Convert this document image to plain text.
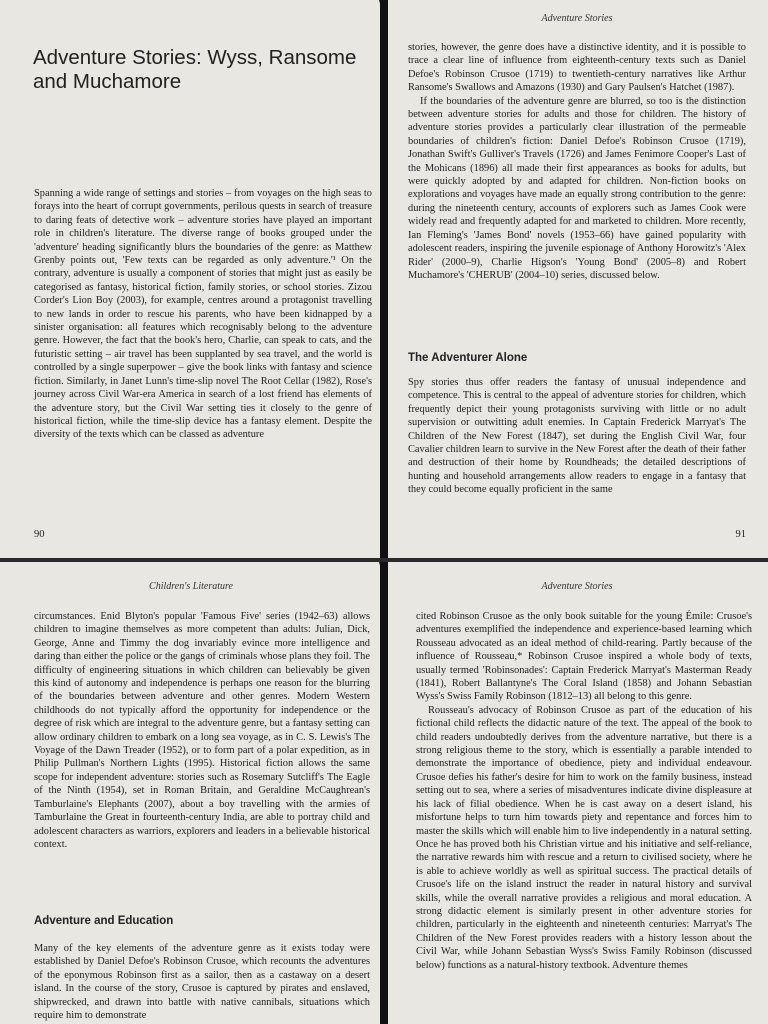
Adventure Stories: Wyss, Ransome and Muchamore

Spanning a wide range of settings and stories – from voyages on the high seas to forays into the heart of corrupt governments, perilous quests in search of treasure to daring feats of detective work – adventure stories have played an important role in children's literature. The diverse range of books grouped under the 'adventure' heading significantly blurs the boundaries of the genre: as Matthew Grenby points out, 'Few texts can be regarded as only adventure.'¹ On the contrary, adventure is usually a component of stories that might just as easily be categorised as fantasy, historical fiction, family stories, or school stories. Zizou Corder's Lion Boy (2003), for example, centres around a protagonist travelling to new lands in order to rescue his parents, who have been kidnapped by a sinister organisation: all features which recognisably belong to the adventure genre. However, the fact that the book's hero, Charlie, can speak to cats, and the futuristic setting – air travel has been supplanted by sea travel, and the world is controlled by a single superpower – give the book links with fantasy and science fiction. Similarly, in Janet Lunn's time-slip novel The Root Cellar (1982), Rose's journey across Civil War-era America in search of a lost friend has elements of the adventure story, but the Civil War setting ties it closely to the genre of historical fiction, while the time-slip device has a fantasy element. Despite the diversity of the texts which can be classed as adventure

90
Adventure Stories

stories, however, the genre does have a distinctive identity, and it is possible to trace a clear line of influence from eighteenth-century texts such as Daniel Defoe's Robinson Crusoe (1719) to twentieth-century narratives like Arthur Ransome's Swallows and Amazons (1930) and Gary Paulsen's Hatchet (1987).

If the boundaries of the adventure genre are blurred, so too is the distinction between adventure stories for adults and those for children. The history of adventure stories provides a particularly clear illustration of the permeable boundaries of children's fiction: Daniel Defoe's Robinson Crusoe (1719), Jonathan Swift's Gulliver's Travels (1726) and James Fenimore Cooper's Last of the Mohicans (1896) all made their first appearances as books for adults, but were quickly adopted by and adapted for children. Non-fiction books on explorations and voyages have made an equally strong contribution to the genre: during the nineteenth century, accounts of explorers such as James Cook were widely read and frequently adapted for and marketed to children. More recently, Ian Fleming's 'James Bond' novels (1953–66) have gained popularity with adolescent readers, inspiring the juvenile espionage of Anthony Horowitz's 'Alex Rider' (2000–9), Charlie Higson's 'Young Bond' (2005–8) and Robert Muchamore's 'CHERUB' (2004–10) series, discussed below.

The Adventurer Alone

Spy stories thus offer readers the fantasy of unusual independence and competence. This is central to the appeal of adventure stories for children, which frequently depict their young protagonists surviving with little or no adult supervision or outwitting adult enemies. In Captain Frederick Marryat's The Children of the New Forest (1847), set during the English Civil War, four Cavalier children learn to survive in the New Forest after the death of their father and destruction of their home by Roundheads; the detailed descriptions of hunting and household arrangements allow readers to engage in a fantasy that they could become equally proficient in the same

91
Children's Literature

circumstances. Enid Blyton's popular 'Famous Five' series (1942–63) allows children to imagine themselves as more competent than adults: Julian, Dick, George, Anne and Timmy the dog invariably evince more intelligence and daring than either the police or the gangs of criminals whose plans they foil. The difficulty of engineering situations in which children can believably be given this kind of autonomy and independence is perhaps one reason for the blurring of the boundaries between adventure and other genres. Modern Western childhoods do not typically afford the opportunity for independence or the degree of risk which are integral to the adventure genre, but a fantasy setting can allow ordinary children to embark on a long sea voyage, as in C. S. Lewis's The Voyage of the Dawn Treader (1952), or to form part of a polar expedition, as in Philip Pullman's Northern Lights (1995). Historical fiction allows the same scope for independent adventure: stories such as Rosemary Sutcliff's The Eagle of the Ninth (1954), set in Roman Britain, and Geraldine McCaughrean's Tamburlaine's Elephants (2007), about a boy travelling with the armies of Tamburlaine the Great in fourteenth-century India, are able to portray child and adolescent characters as warriors, explorers and leaders in a believable historical context.

Adventure and Education

Many of the key elements of the adventure genre as it exists today were established by Daniel Defoe's Robinson Crusoe, which recounts the adventures of the eponymous Robinson first as a sailor, then as a castaway on a desert island. In the course of the story, Crusoe is captured by pirates and enslaved, shipwrecked, and drawn into battle with native cannibals, situations which require him to demonstrate

Adventure Stories

cited Robinson Crusoe as the only book suitable for the young Émile: Crusoe's adventures exemplified the independence and experience-based learning which Rousseau advocated as an ideal method of child-rearing. Partly because of the influence of Rousseau,* Robinson Crusoe inspired a whole body of texts, usually termed 'Robinsonades': Captain Frederick Marryat's Masterman Ready (1841), Robert Ballantyne's The Coral Island (1858) and Johann Sebastian Wyss's Swiss Family Robinson (1812–13) all belong to this genre.

Rousseau's advocacy of Robinson Crusoe as part of the education of his fictional child reflects the didactic nature of the text. The appeal of the book to child readers undoubtedly derives from the adventure narrative, but there is a strong religious theme to the story, which is essentially a parable intended to demonstrate the importance of obedience, piety and individual endeavour. Crusoe defies his father's desire for him to work on the family business, instead setting out to sea, where a series of misadventures indicate divine displeasure at his lack of filial obedience. When he is cast away on a desert island, his misfortune helps to turn him towards piety and repentance and forces him to master the skills which will enable him to live independently in a natural setting. Once he has proved both his Christian virtue and his initiative and self-reliance, the narrative rewards him with rescue and a return to civilised society, where he is able to achieve worldly as well as spiritual success. The practical details of Crusoe's life on the island instruct the reader in natural history and survival skills, while the overall narrative provides a religious and moral education. A strong didactic element is similarly present in other adventure stories for children, particularly in the eighteenth and nineteenth centuries: Marryat's The Children of the New Forest provides readers with a history lesson about the Civil War, while Johann Sebastian Wyss's Swiss Family Robinson (discussed below) functions as a natural-history textbook. Adventure themes
